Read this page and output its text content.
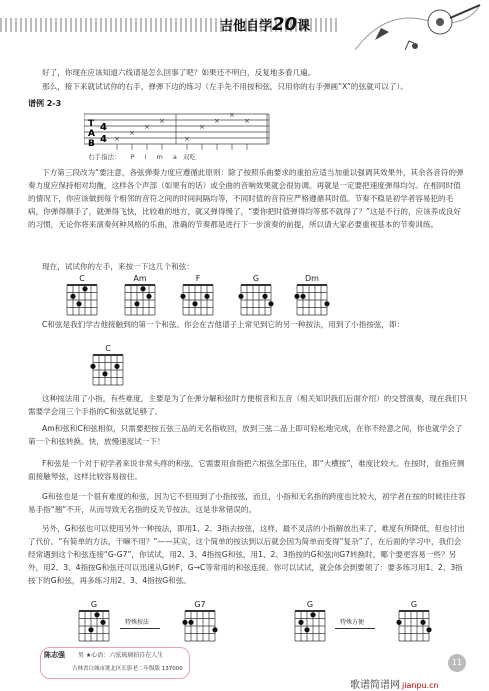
吉他自学20课
好了，你现在应该知道六线谱是怎么回事了吧？如果还不明白，反复地多看几遍。
那么，接下来就试试你的右手，弹弹下边的练习（左手先不用按和弦，只用你的右手弹画“X”的弦就可以了）。
谱例 2-3
T
A
B
4
4 ×
×
×
×
×
×
×
×
×
右手指法： P i m a 双吃
下方第三段改为“要注意，各弦弹奏力度应遵循此原则：除了按照乐曲要求的重拍应适当加重以强调其效果外，其余各音符的弹奏力度应保持相对均衡，这样各个声部（如果有的话）或全曲的音响效果就会很协调。再就是一定要把速度弹得均匀。在相同时值的情况下，你应该做到每个相邻的音符之间的时间间隔均等，不同时值的音符应严格遵循其时值。节奏不稳是初学者容易犯的毛病，你弹得顺手了，就弹得飞快，比较难的地方，就又弹得慢了，“要你把时值弹得均等那不就得了？”这是不行的，应该养成良好的习惯，无论你将来演奏何种风格的乐曲，准确的节奏都是进行下一步演奏的前提，所以请大家必要重视基本的节奏训练。
现在，试试你的左手，来按一下这几个和弦：
C	Am	F	G	Dm
C和弦是我们学吉他接触到的第一个和弦。你会在吉他谱子上常见到它的另一种按法，用到了小指按弦，即：
C
这种按法用了小指，有些难度，主要是为了在弹分解和弦时方便根音和五音（相关知识我们后面介绍）的交替演奏，现在我们只需要学会用三个手指的C和弦就足够了。
Am和弦和C和弦相似，只需要把按五弦三品的无名指收回，放到三弦二品上即可轻松地完成，在你不经意之间，你也就学会了第一个和弦转换。快，放慢速度试一下！
F和弦是一个对于初学者来说非常头疼的和弦，它需要用食指把六根弦全部压住，即“大横按”，难度比较大。在按时，食指应侧面接触琴弦，这样比较容易按住。
G和弦也是一个很有难度的和弦，因为它不但用到了小指按弦，而且，小指和无名指的跨度也比较大，初学者在按的时候往往容易手指“翘”不开，从而导致无名指的反关节按法，这是非常错误的。
另外，G和弦也可以使用另外一种按法，即用1、2、3指去按弦，这样，最不灵活的小指解放出来了，难度有所降低，但也付出了代价。“有简单的方法，干嘛不用？”——其实，这个简单的按法到以后就会因为简单而变得“复杂”了，在后面的学习中，我们会经常遇到这个和弦连接“G-G7”，你试试，用2、3、4指按G和弦，用1、2、3指按的G和弦向G7转换时，哪个要更容易一些？另外，用2、3、4指按G和弦还可以迅速从G转F，G→C等常用的和弦连接。你可以试试，就会体会到要领了：要多练习用1、2、3指按下的G和弦，再多练习用2、3、4指按G和弦。
G	G7	G	G
特殊按法	特殊方便
陈志强 男 ★心语：六弦琉璃拍自在人生
吉林省白城市洮北区长影老二年级版 137000
11
歌谱简谱网 jianpu.cn
